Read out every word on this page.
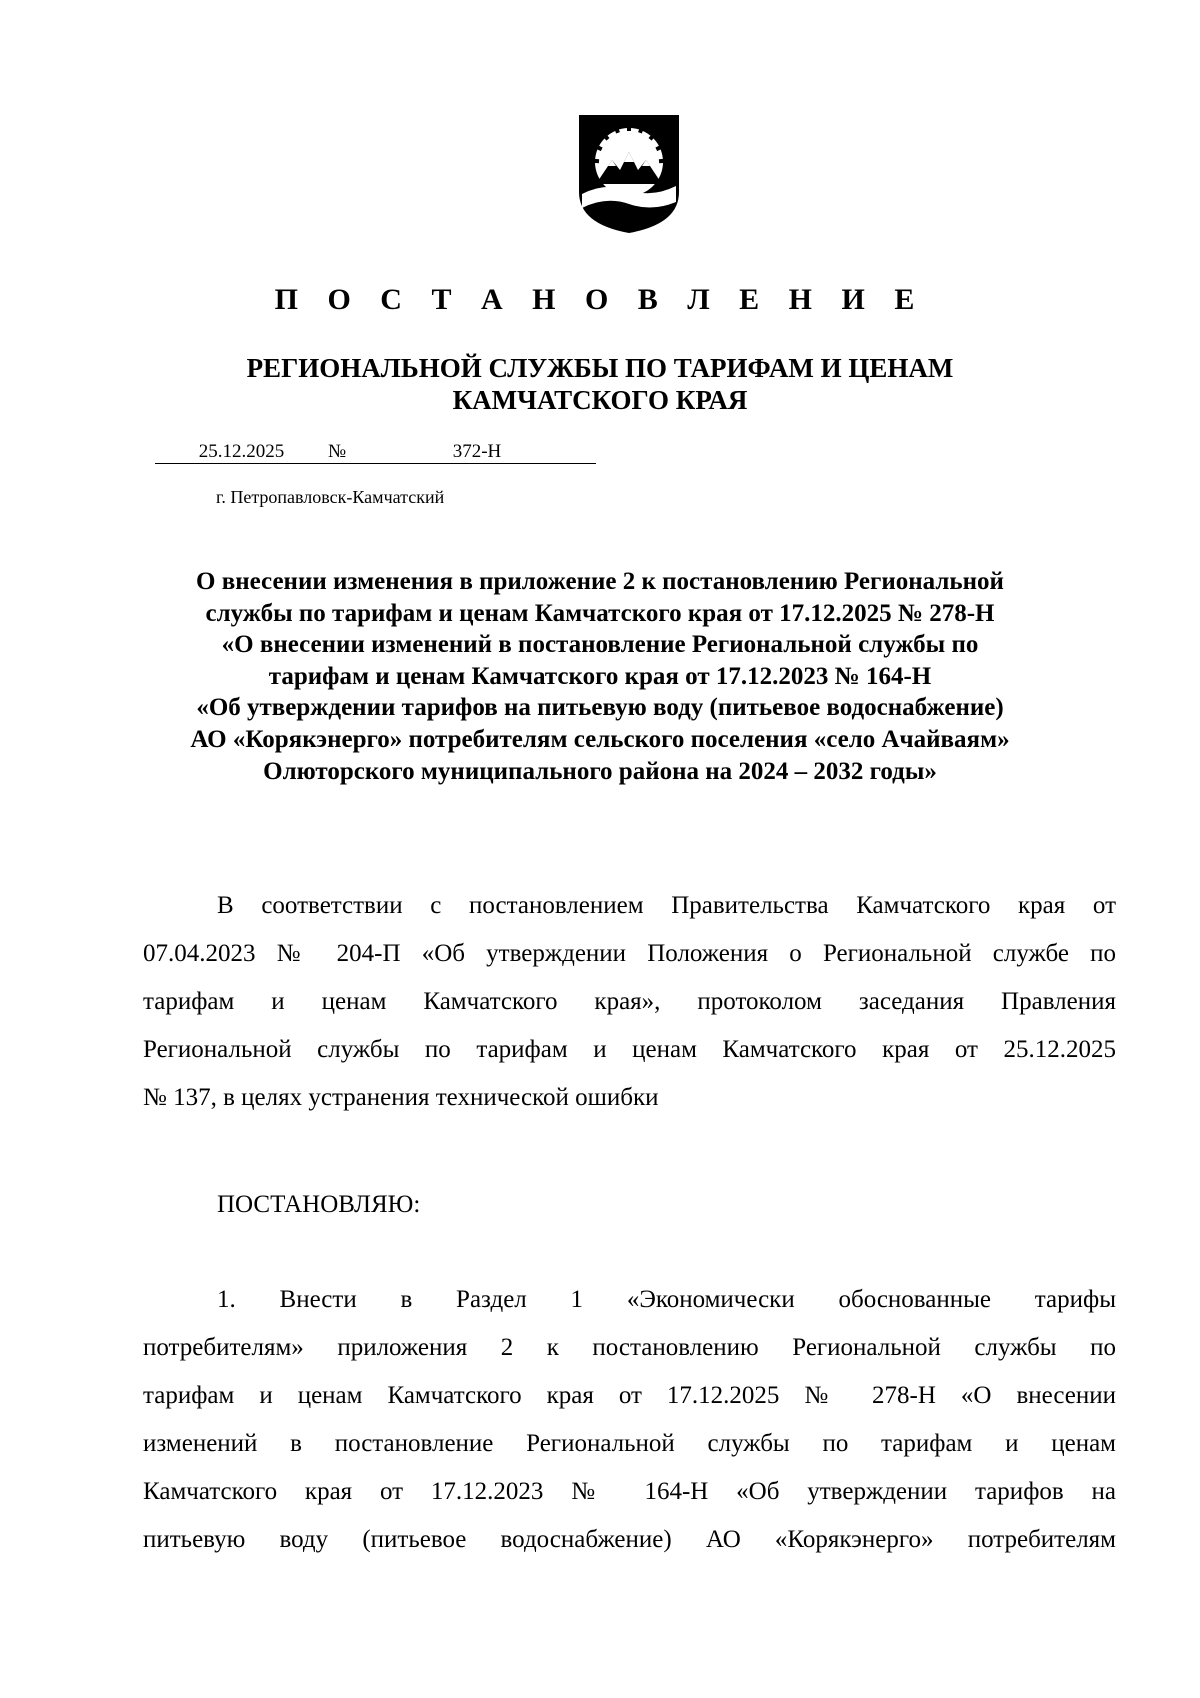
П О С Т А Н О В Л Е Н И Е
РЕГИОНАЛЬНОЙ СЛУЖБЫ ПО ТАРИФАМ И ЦЕНАМ
КАМЧАТСКОГО КРАЯ
25.12.2025 №	372-Н
г. Петропавловск-Камчатский
О внесении изменения в приложение 2 к постановлению Региональной
службы по тарифам и ценам Камчатского края от 17.12.2025 № 278-Н
«О внесении изменений в постановление Региональной службы по
тарифам и ценам Камчатского края от 17.12.2023 № 164-Н
«Об утверждении тарифов на питьевую воду (питьевое водоснабжение)
АО «Корякэнерго» потребителям сельского поселения «село Ачайваям»
Олюторского муниципального района на 2024 – 2032 годы»
В соответствии с постановлением Правительства Камчатского края от
07.04.2023 № 204-П «Об утверждении Положения о Региональной службе по
тарифам и ценам Камчатского края», протоколом заседания Правления
Региональной службы по тарифам и ценам Камчатского края от 25.12.2025
№ 137, в целях устранения технической ошибки
ПОСТАНОВЛЯЮ:
1. Внести в Раздел 1 «Экономически обоснованные тарифы
потребителям» приложения 2 к постановлению Региональной службы по
тарифам и ценам Камчатского края от 17.12.2025 № 278-Н «О внесении
изменений в постановление Региональной службы по тарифам и ценам
Камчатского края от 17.12.2023 № 164-Н «Об утверждении тарифов на
питьевую воду (питьевое водоснабжение) АО «Корякэнерго» потребителям
